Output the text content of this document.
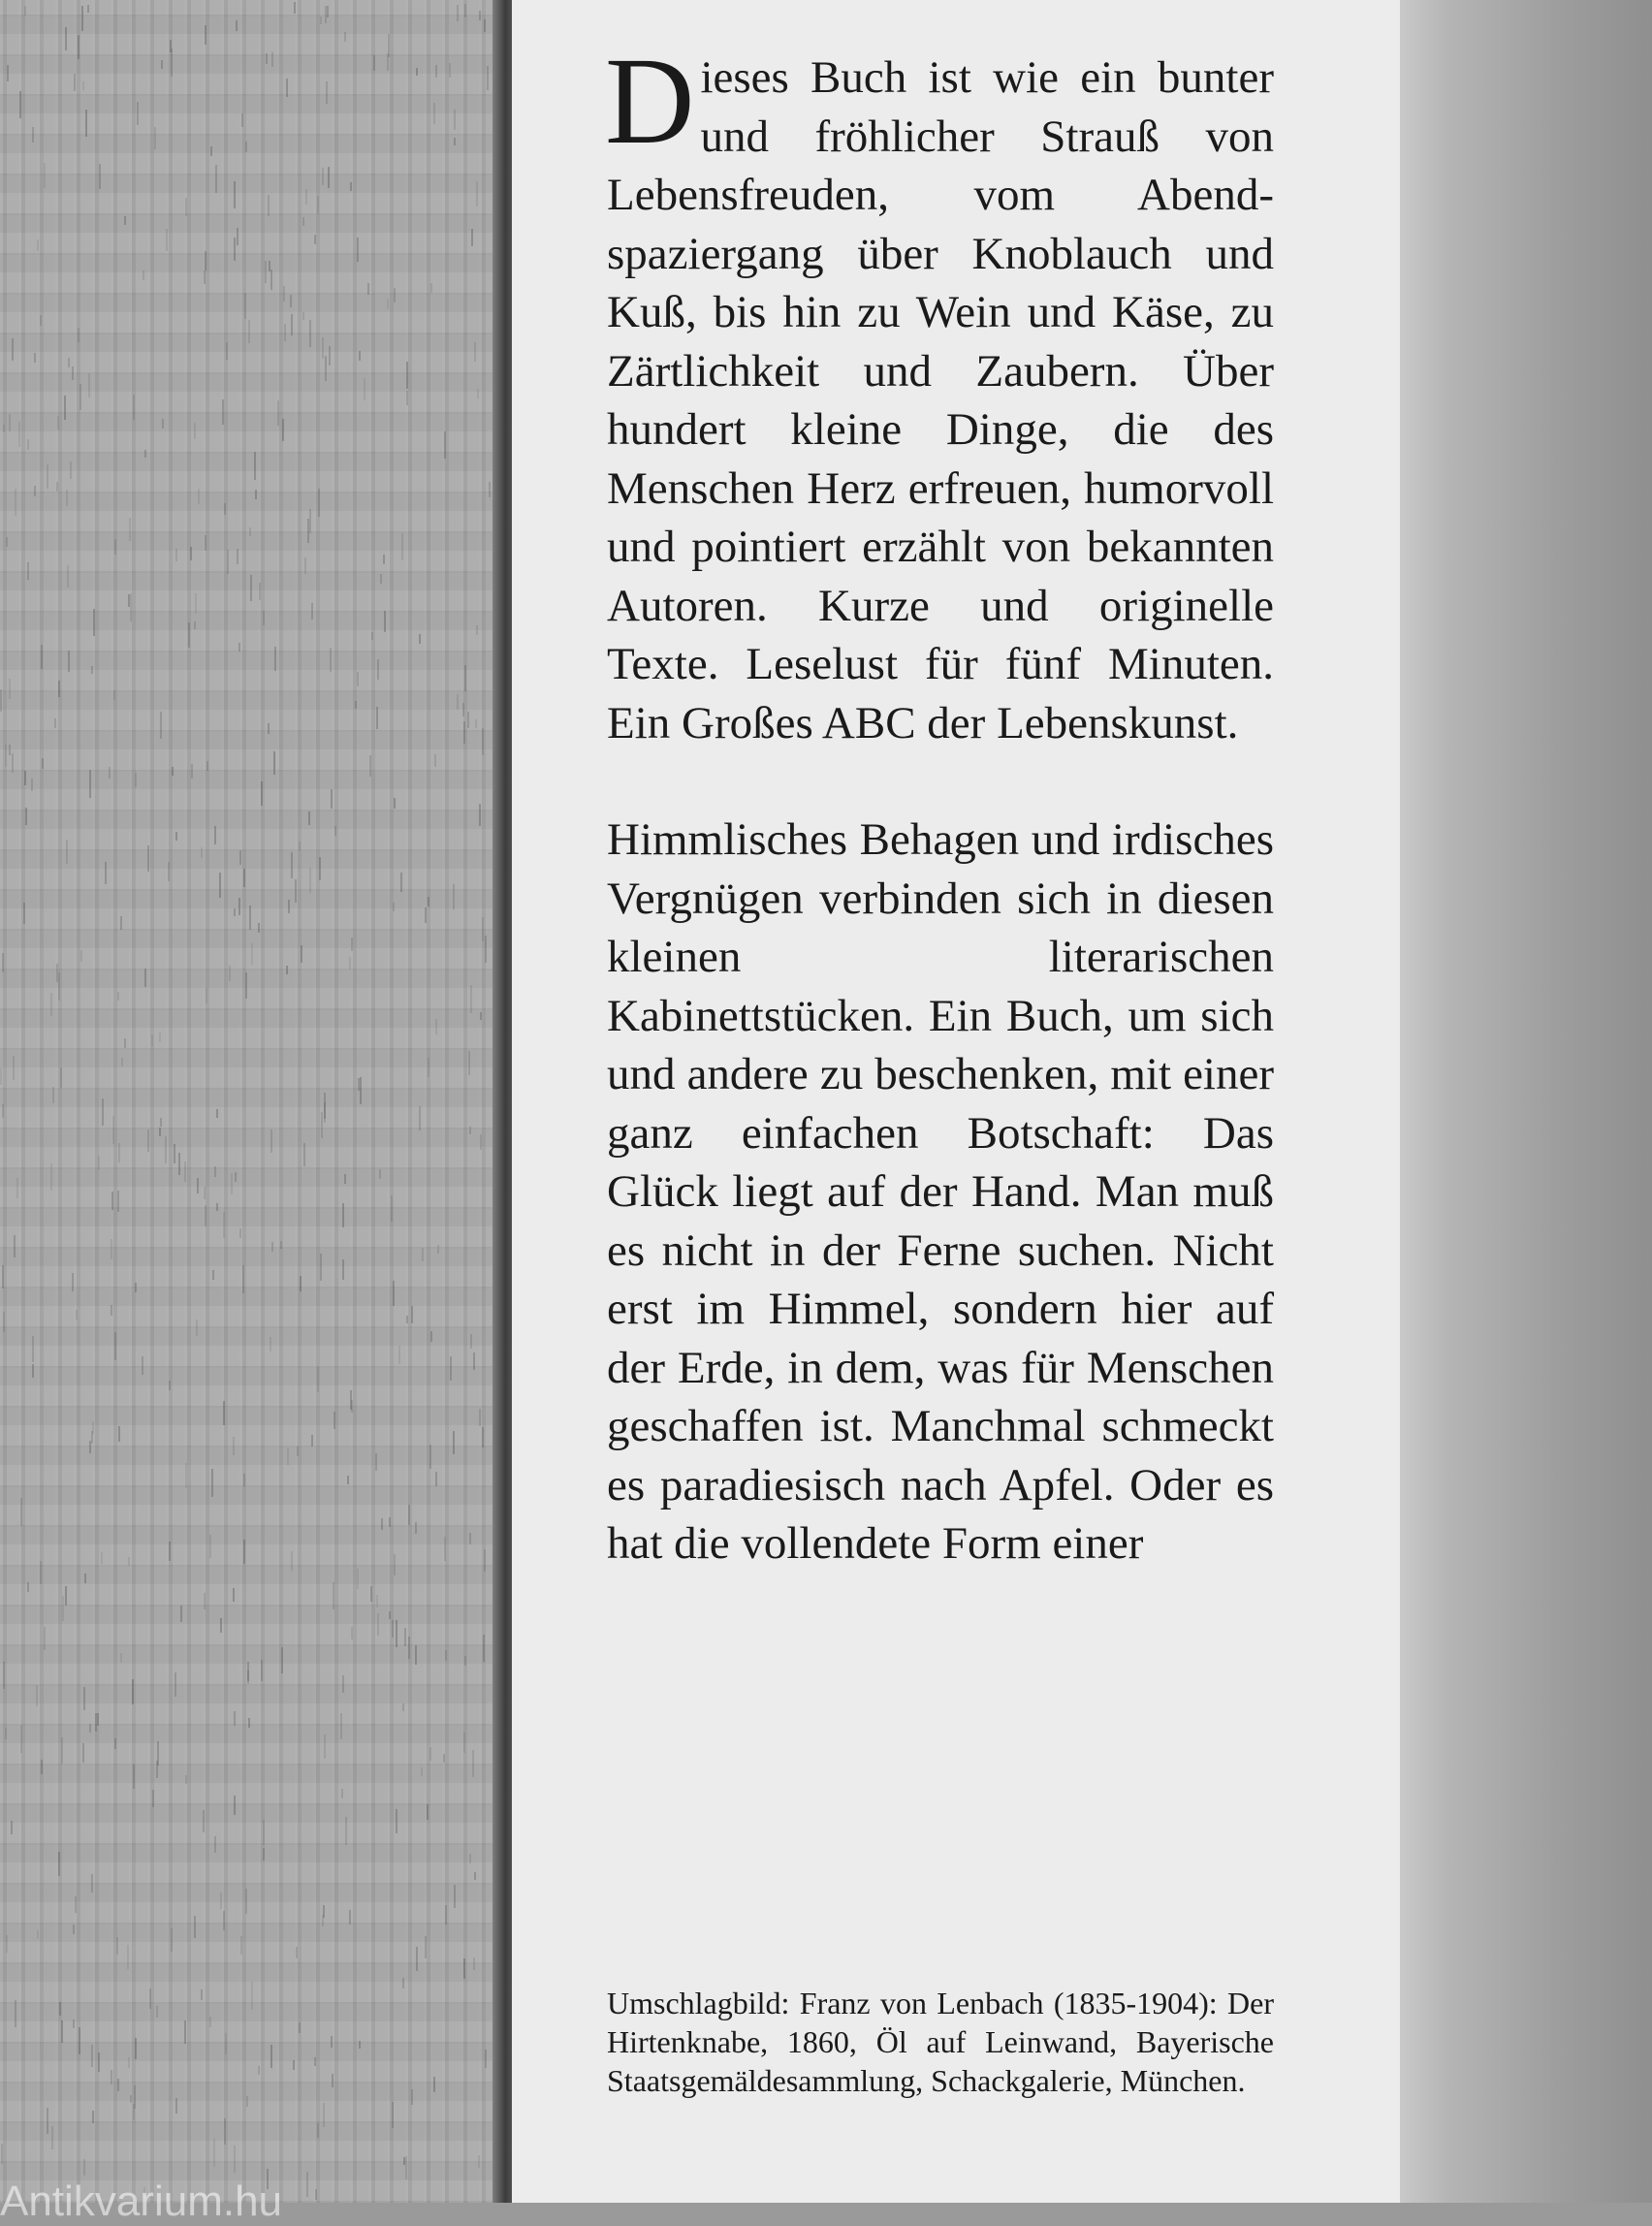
Dieses Buch ist wie ein bunter und fröhlicher Strauß von Lebensfreuden, vom Abendspaziergang über Knoblauch und Kuß, bis hin zu Wein und Käse, zu Zärtlichkeit und Zaubern. Über hundert kleine Dinge, die des Menschen Herz erfreuen, humorvoll und pointiert erzählt von bekannten Autoren. Kurze und originelle Texte. Leselust für fünf Minuten. Ein Großes ABC der Lebenskunst.

Himmlisches Behagen und irdisches Vergnügen verbinden sich in diesen kleinen literarischen Kabinettstücken. Ein Buch, um sich und andere zu beschenken, mit einer ganz einfachen Botschaft: Das Glück liegt auf der Hand. Man muß es nicht in der Ferne suchen. Nicht erst im Himmel, sondern hier auf der Erde, in dem, was für Menschen geschaffen ist. Manchmal schmeckt es paradiesisch nach Apfel. Oder es hat die vollendete Form einer

Umschlagbild: Franz von Lenbach (1835-1904): Der Hirtenknabe, 1860, Öl auf Leinwand, Bayerische Staatsgemäldesammlung, Schackgalerie, München.

Antikvarium.hu
